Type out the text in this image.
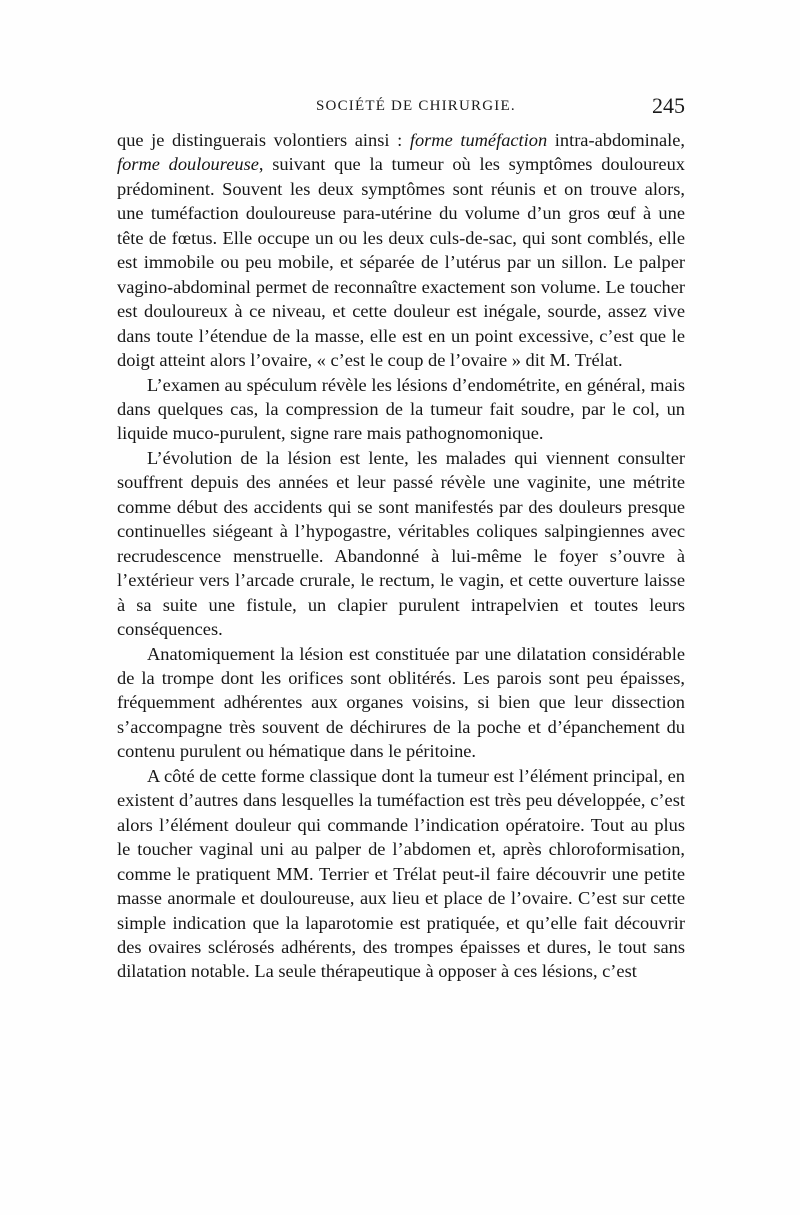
SOCIÉTÉ DE CHIRURGIE.	245

que je distinguerais volontiers ainsi : forme tuméfaction intra-abdominale, forme douloureuse, suivant que la tumeur où les symptômes douloureux prédominent. Souvent les deux symptômes sont réunis et on trouve alors, une tuméfaction douloureuse para-utérine du volume d’un gros œuf à une tête de fœtus. Elle occupe un ou les deux culs-de-sac, qui sont comblés, elle est immobile ou peu mobile, et séparée de l’utérus par un sillon. Le palper vagino-abdominal permet de reconnaître exactement son volume. Le toucher est douloureux à ce niveau, et cette douleur est inégale, sourde, assez vive dans toute l’étendue de la masse, elle est en un point excessive, c’est que le doigt atteint alors l’ovaire, « c’est le coup de l’ovaire » dit M. Trélat.

L’examen au spéculum révèle les lésions d’endométrite, en général, mais dans quelques cas, la compression de la tumeur fait soudre, par le col, un liquide muco-purulent, signe rare mais pathognomonique.

L’évolution de la lésion est lente, les malades qui viennent consulter souffrent depuis des années et leur passé révèle une vaginite, une métrite comme début des accidents qui se sont manifestés par des douleurs presque continuelles siégeant à l’hypogastre, véritables coliques salpingiennes avec recrudescence menstruelle. Abandonné à lui-même le foyer s’ouvre à l’extérieur vers l’arcade crurale, le rectum, le vagin, et cette ouverture laisse à sa suite une fistule, un clapier purulent intrapelvien et toutes leurs conséquences.

Anatomiquement la lésion est constituée par une dilatation considérable de la trompe dont les orifices sont oblitérés. Les parois sont peu épaisses, fréquemment adhérentes aux organes voisins, si bien que leur dissection s’accompagne très souvent de déchirures de la poche et d’épanchement du contenu purulent ou hématique dans le péritoine.

A côté de cette forme classique dont la tumeur est l’élément principal, en existent d’autres dans lesquelles la tuméfaction est très peu développée, c’est alors l’élément douleur qui commande l’indication opératoire. Tout au plus le toucher vaginal uni au palper de l’abdomen et, après chloroformisation, comme le pratiquent MM. Terrier et Trélat peut-il faire découvrir une petite masse anormale et douloureuse, aux lieu et place de l’ovaire. C’est sur cette simple indication que la laparotomie est pratiquée, et qu’elle fait découvrir des ovaires sclérosés adhérents, des trompes épaisses et dures, le tout sans dilatation notable. La seule thérapeutique à opposer à ces lésions, c’est
